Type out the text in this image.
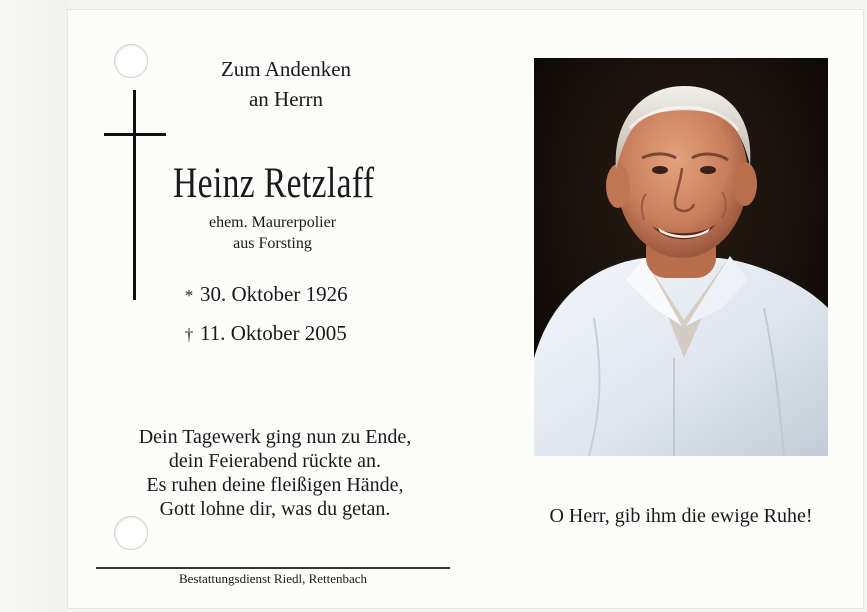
Zum Andenken
an Herrn
Heinz Retzlaff
ehem. Maurerpolier
aus Forsting
* 30. Oktober 1926
† 11. Oktober 2005
Dein Tagewerk ging nun zu Ende,
dein Feierabend rückte an.
Es ruhen deine fleißigen Hände,
Gott lohne dir, was du getan.
Bestattungsdienst Riedl, Rettenbach
O Herr, gib ihm die ewige Ruhe!
